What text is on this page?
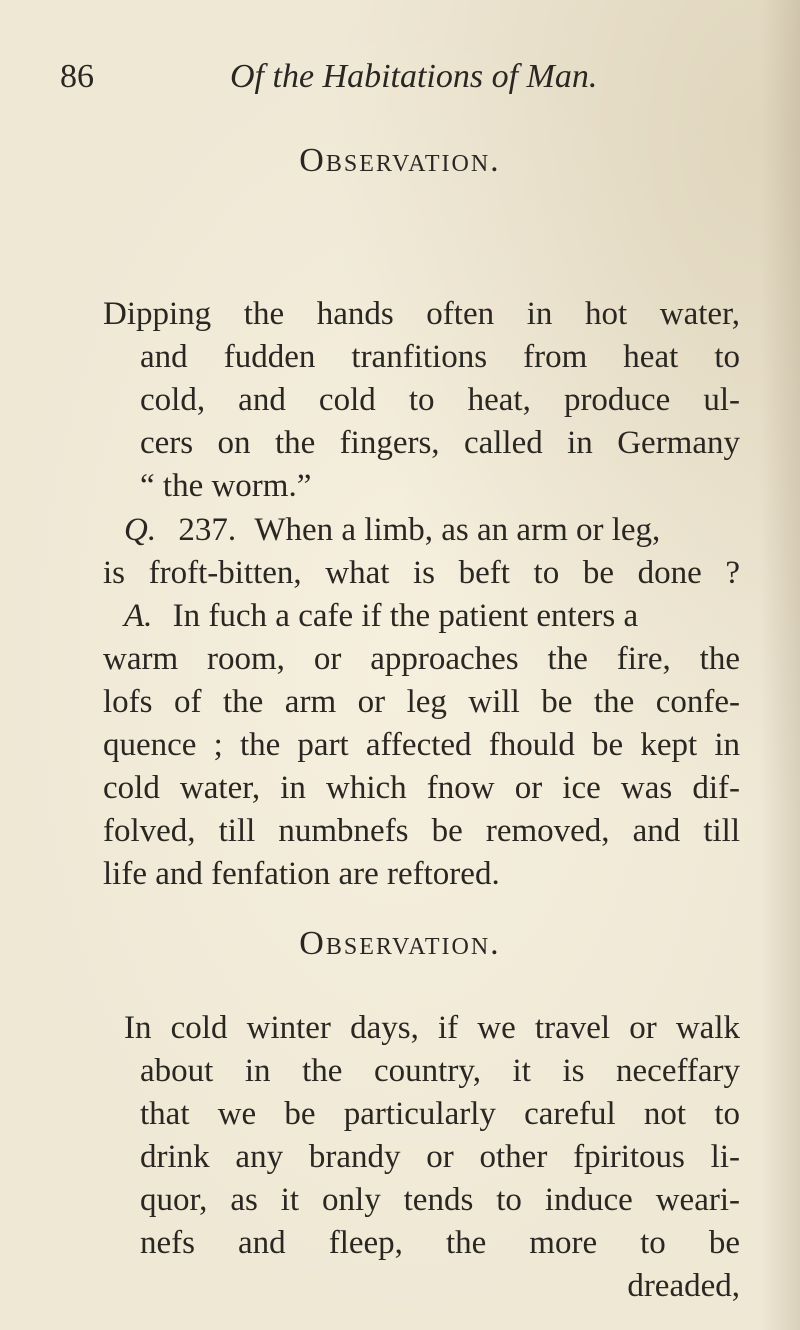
86	Of the Habitations of Man.
Observation.
Dipping the hands often in hot water,
and fudden tranfitions from heat to
cold, and cold to heat, produce ul-
cers on the fingers, called in Germany
“ the worm.”
Q. 237. When a limb, as an arm or leg,
is froft-bitten, what is beft to be done ?
A. In fuch a cafe if the patient enters a
warm room, or approaches the fire, the
lofs of the arm or leg will be the confe-
quence ; the part affected fhould be kept in
cold water, in which fnow or ice was dif-
folved, till numbnefs be removed, and till
life and fenfation are reftored.
Observation.
In cold winter days, if we travel or walk
about in the country, it is neceffary
that we be particularly careful not to
drink any brandy or other fpiritous li-
quor, as it only tends to induce weari-
nefs and fleep, the more to be
dreaded,
